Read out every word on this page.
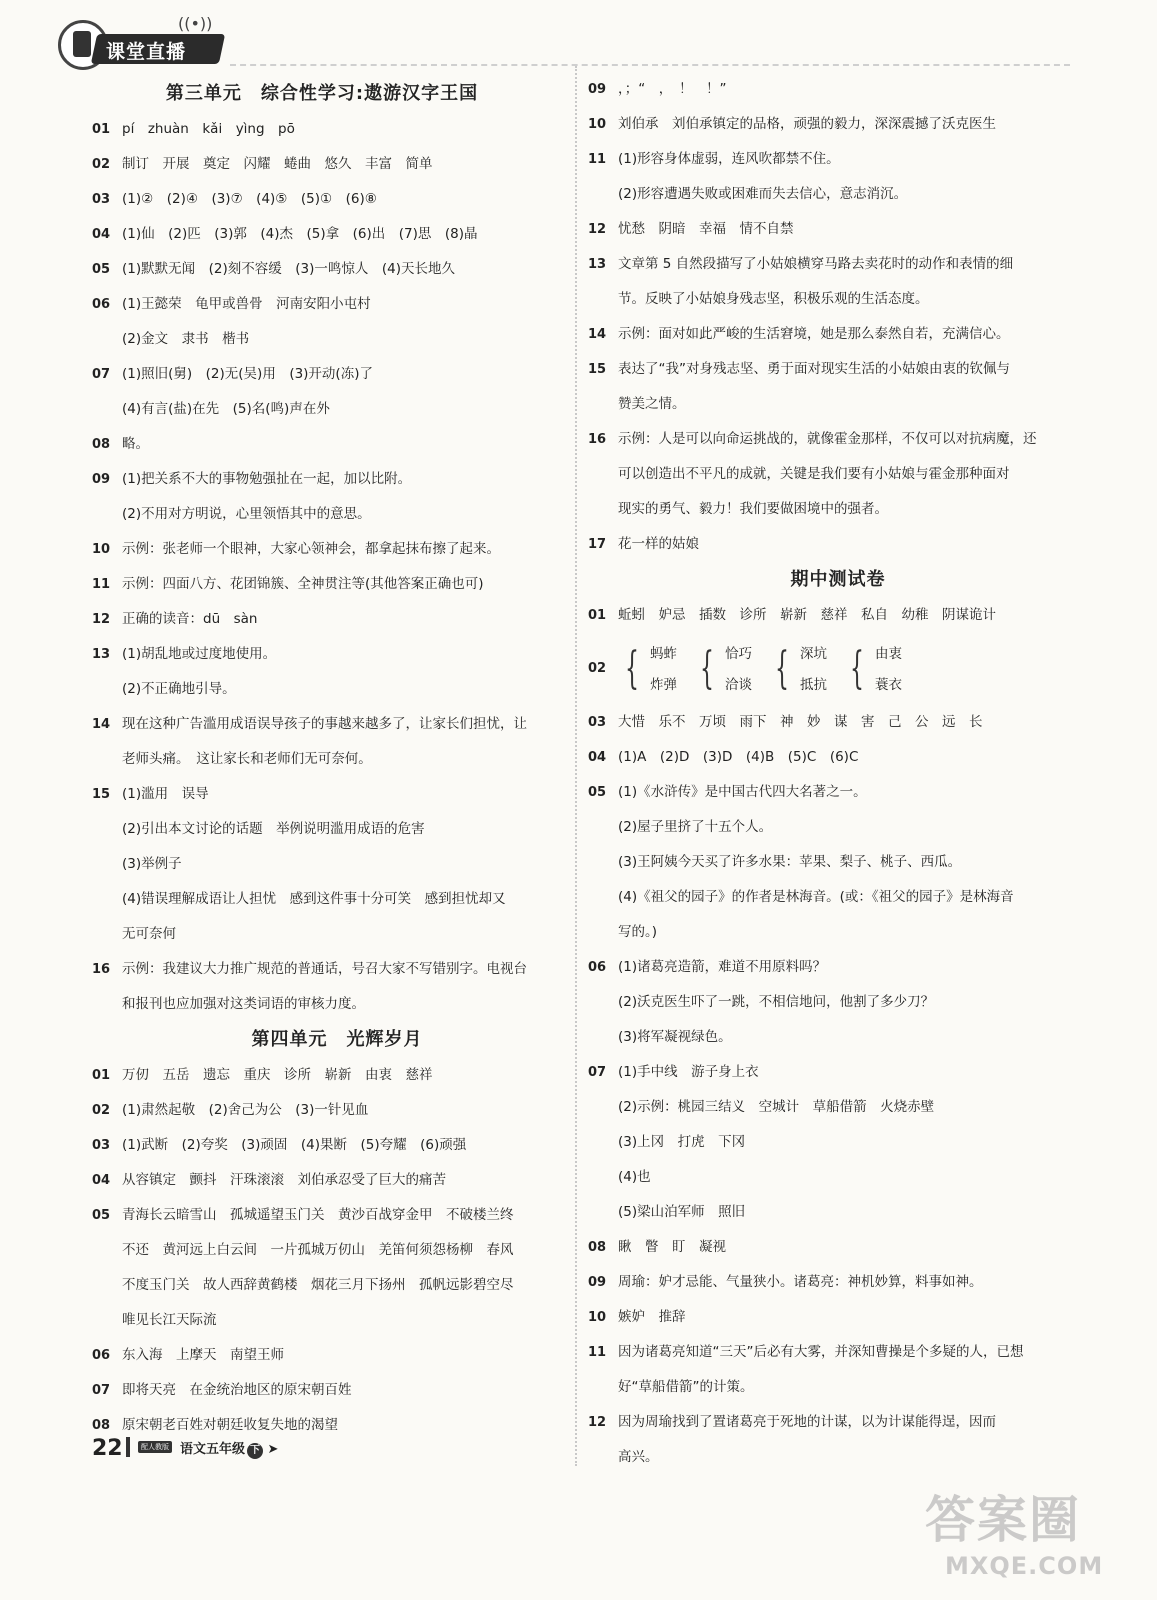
课堂直播
((•))
第三单元　综合性学习:遨游汉字王国
01 pí　zhuàn　kǎi　yìng　pō
02 制订　开展　奠定　闪耀　蜷曲　悠久　丰富　简单
03 (1)②　(2)④　(3)⑦　(4)⑤　(5)①　(6)⑧
04 (1)仙　(2)匹　(3)郭　(4)杰　(5)拿　(6)出　(7)思　(8)晶
05 (1)默默无闻　(2)刻不容缓　(3)一鸣惊人　(4)天长地久
06 (1)王懿荣　龟甲或兽骨　河南安阳小屯村
(2)金文　隶书　楷书
07 (1)照旧(舅)　(2)无(吴)用　(3)开动(冻)了
(4)有言(盐)在先　(5)名(鸣)声在外
08 略。
09 (1)把关系不大的事物勉强扯在一起，加以比附。
(2)不用对方明说，心里领悟其中的意思。
10 示例：张老师一个眼神，大家心领神会，都拿起抹布擦了起来。
11 示例：四面八方、花团锦簇、全神贯注等(其他答案正确也可)
12 正确的读音：dū　sàn
13 (1)胡乱地或过度地使用。
(2)不正确地引导。
14 现在这种广告滥用成语误导孩子的事越来越多了，让家长们担忧，让
老师头痛。　这让家长和老师们无可奈何。
15 (1)滥用　误导
(2)引出本文讨论的话题　举例说明滥用成语的危害
(3)举例子
(4)错误理解成语让人担忧　感到这件事十分可笑　感到担忧却又
无可奈何
16 示例：我建议大力推广规范的普通话，号召大家不写错别字。电视台
和报刊也应加强对这类词语的审核力度。
第四单元　光辉岁月
01 万仞　五岳　遗忘　重庆　诊所　崭新　由衷　慈祥
02 (1)肃然起敬　(2)舍己为公　(3)一针见血
03 (1)武断　(2)夸奖　(3)顽固　(4)果断　(5)夸耀　(6)顽强
04 从容镇定　颤抖　汗珠滚滚　刘伯承忍受了巨大的痛苦
05 青海长云暗雪山　孤城遥望玉门关　黄沙百战穿金甲　不破楼兰终
不还　黄河远上白云间　一片孤城万仞山　羌笛何须怨杨柳　春风
不度玉门关　故人西辞黄鹤楼　烟花三月下扬州　孤帆远影碧空尽
唯见长江天际流
06 东入海　上摩天　南望王师
07 即将天亮　在金统治地区的原宋朝百姓
08 原宋朝老百姓对朝廷收复失地的渴望
09 ，；“　，　！　！”
10 刘伯承　刘伯承镇定的品格，顽强的毅力，深深震撼了沃克医生
11 (1)形容身体虚弱，连风吹都禁不住。
(2)形容遭遇失败或困难而失去信心，意志消沉。
12 忧愁　阴暗　幸福　情不自禁
13 文章第 5 自然段描写了小姑娘横穿马路去卖花时的动作和表情的细
节。反映了小姑娘身残志坚，积极乐观的生活态度。
14 示例：面对如此严峻的生活窘境，她是那么泰然自若，充满信心。
15 表达了“我”对身残志坚、勇于面对现实生活的小姑娘由衷的钦佩与
赞美之情。
16 示例：人是可以向命运挑战的，就像霍金那样，不仅可以对抗病魔，还
可以创造出不平凡的成就，关键是我们要有小姑娘与霍金那种面对
现实的勇气、毅力！我们要做困境中的强者。
17 花一样的姑娘
期中测试卷
01 蚯蚓　妒忌　插数　诊所　崭新　慈祥　私自　幼稚　阴谋诡计
02 { 蚂蚱
炸弹 { 恰巧
洽谈 { 深坑
抵抗 { 由衷
蓑衣
03 大惜　乐不　万顷　雨下　神　妙　谋　害　己　公　远　长
04 (1)A　(2)D　(3)D　(4)B　(5)C　(6)C
05 (1)《水浒传》是中国古代四大名著之一。
(2)屋子里挤了十五个人。
(3)王阿姨今天买了许多水果：苹果、梨子、桃子、西瓜。
(4)《祖父的园子》的作者是林海音。(或：《祖父的园子》是林海音
写的。)
06 (1)诸葛亮造箭，难道不用原料吗？
(2)沃克医生吓了一跳，不相信地问，他割了多少刀？
(3)将军凝视绿色。
07 (1)手中线　游子身上衣
(2)示例：桃园三结义　空城计　草船借箭　火烧赤壁
(3)上冈　打虎　下冈
(4)也
(5)梁山泊军师　照旧
08 瞅　瞥　盯　凝视
09 周瑜：妒才忌能、气量狭小。诸葛亮：神机妙算，料事如神。
10 嫉妒　推辞
11 因为诸葛亮知道“三天”后必有大雾，并深知曹操是个多疑的人，已想
好“草船借箭”的计策。
12 因为周瑜找到了置诸葛亮于死地的计谋，以为计谋能得逞，因而
高兴。
22	配人教版 语文五年级 下 ➤
答案圈
MXQE.COM
